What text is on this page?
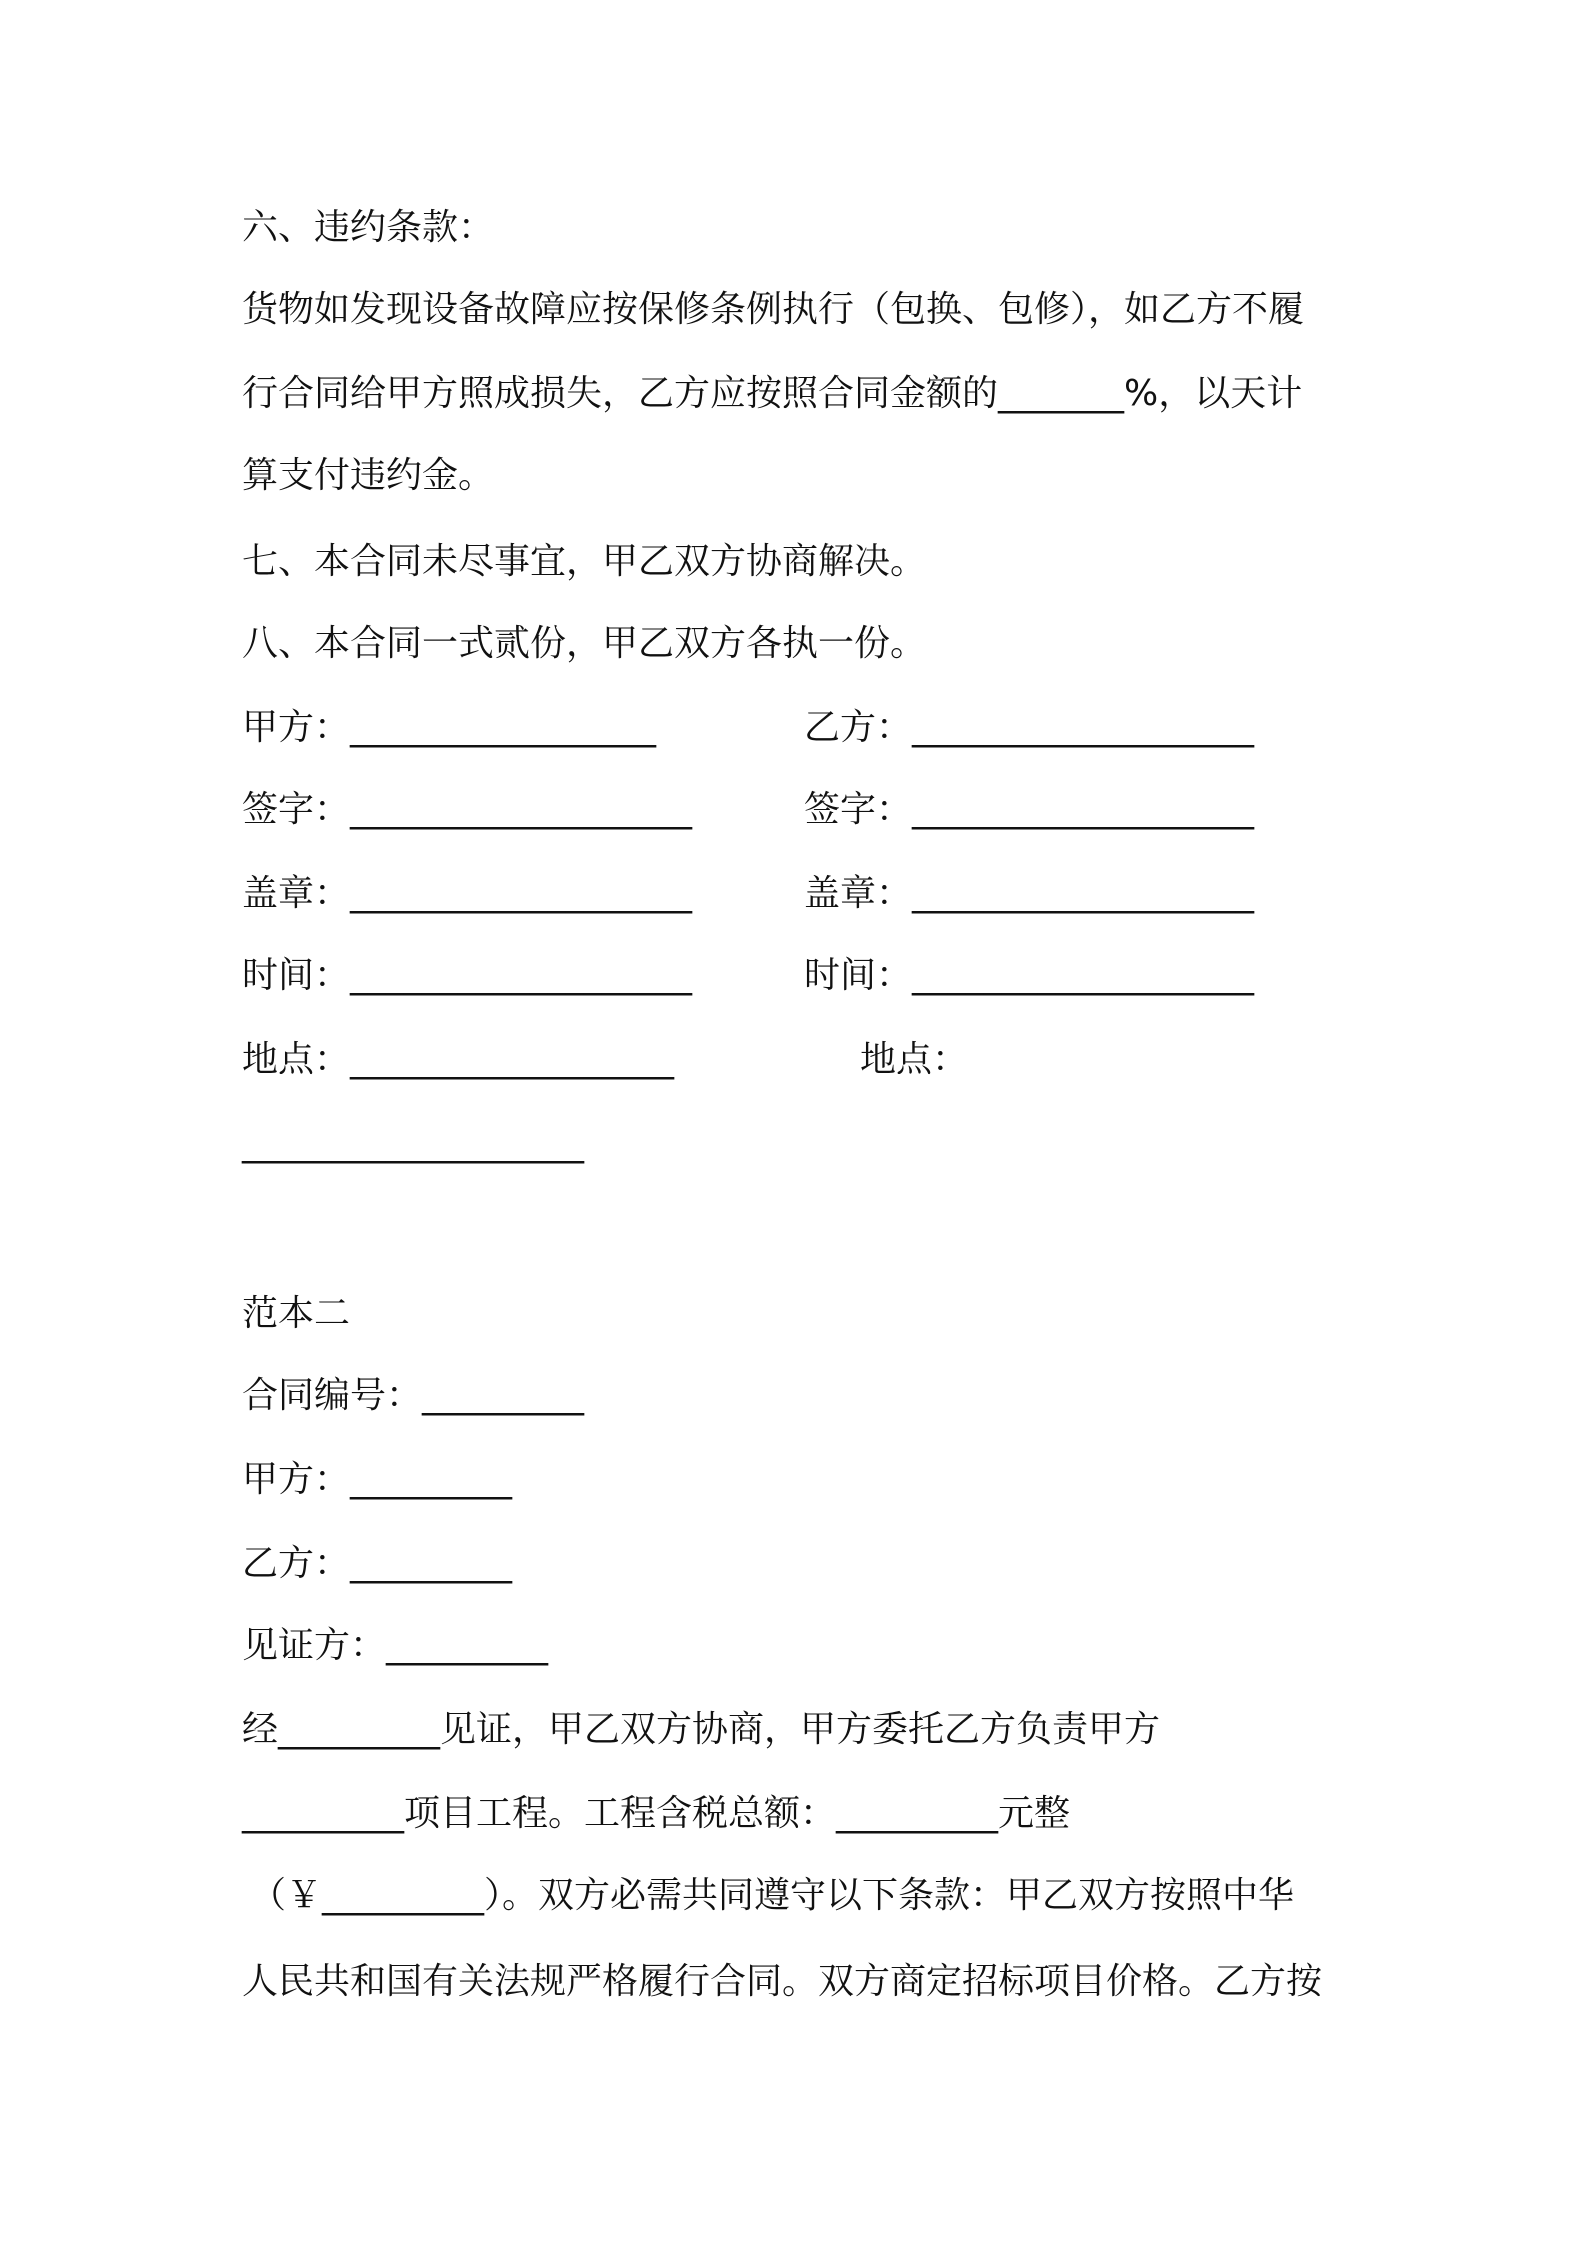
六、违约条款：
货物如发现设备故障应按保修条例执行（包换、包修），如乙方不履
行合同给甲方照成损失，乙方应按照合同金额的_______%，以天计
算支付违约金。
七、本合同未尽事宜，甲乙双方协商解决。
八、本合同一式贰份，甲乙双方各执一份。
甲方：_________________	乙方：___________________
签字：___________________	签字：___________________
盖章：___________________	盖章：___________________
时间：___________________	时间：___________________
地点：__________________	地点：
___________________
范本二
合同编号：_________
甲方：_________
乙方：_________
见证方：_________
经_________见证，甲乙双方协商，甲方委托乙方负责甲方
_________项目工程。工程含税总额：_________元整
（￥_________）。双方必需共同遵守以下条款：甲乙双方按照中华
人民共和国有关法规严格履行合同。双方商定招标项目价格。乙方按
